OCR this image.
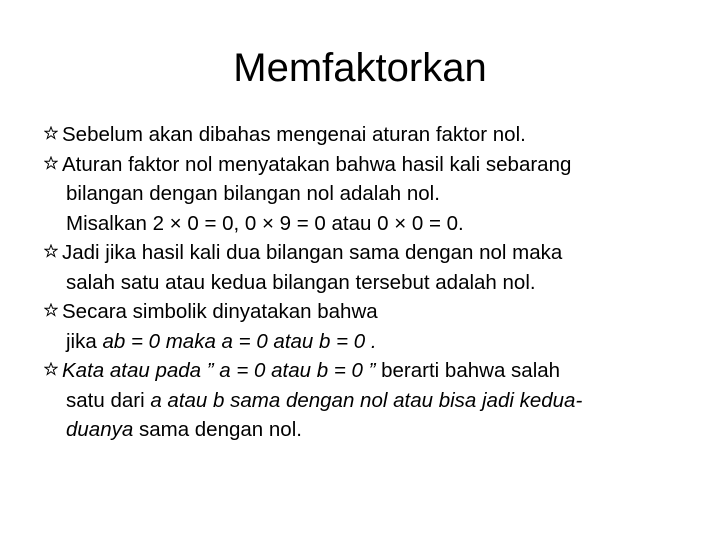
Memfaktorkan
Sebelum akan dibahas mengenai aturan faktor nol.
Aturan faktor nol menyatakan bahwa hasil kali sebarang
bilangan dengan bilangan nol adalah nol.
Misalkan 2 × 0 = 0, 0 × 9 = 0 atau 0 × 0 = 0.
Jadi jika hasil kali dua bilangan sama dengan nol maka
salah satu atau kedua bilangan tersebut adalah nol.
Secara simbolik dinyatakan bahwa
jika ab = 0 maka a = 0 atau b = 0 .
Kata atau pada ” a = 0 atau b = 0 ” berarti bahwa salah
satu dari a atau b sama dengan nol atau bisa jadi kedua-
duanya sama dengan nol.
